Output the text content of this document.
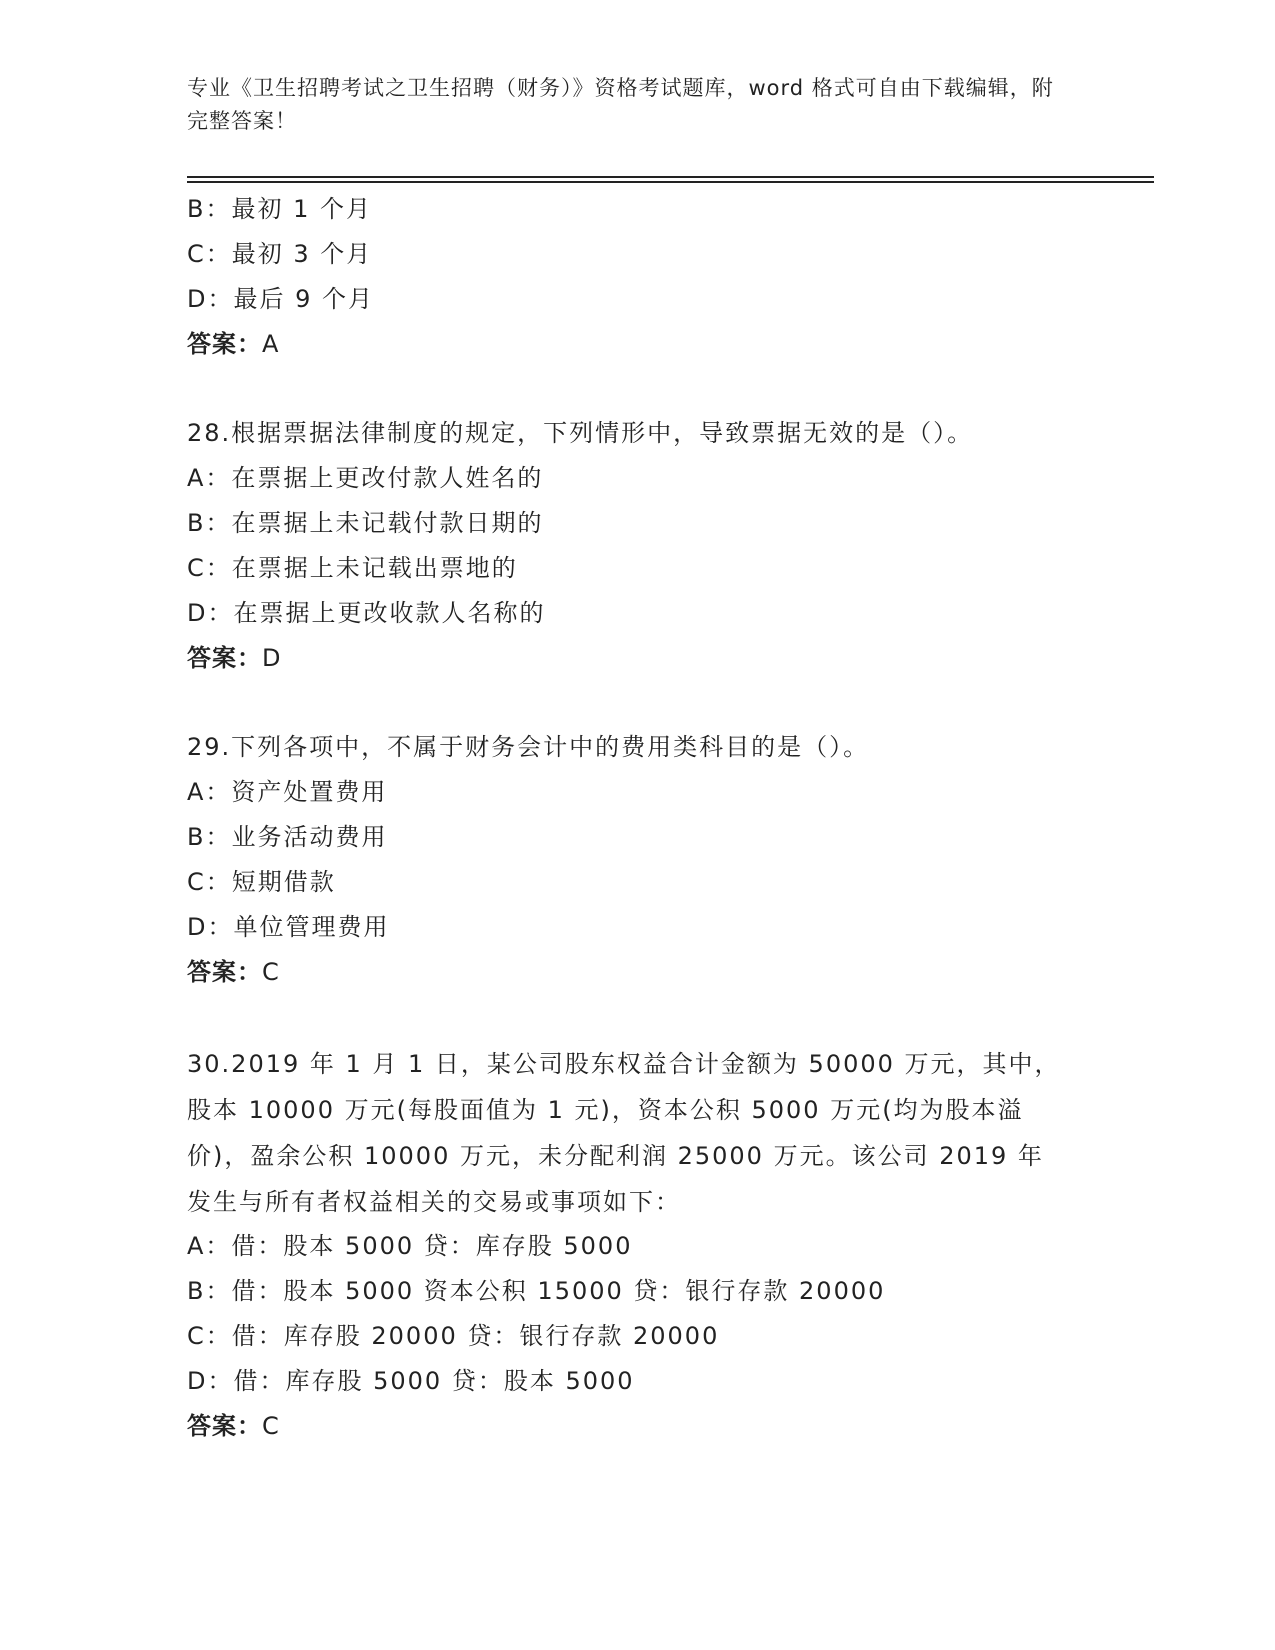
专业《卫生招聘考试之卫生招聘（财务）》资格考试题库，word 格式可自由下载编辑，附完整答案！
B：最初 1 个月
C：最初 3 个月
D：最后 9 个月
答案：A
28.根据票据法律制度的规定，下列情形中，导致票据无效的是（）。
A：在票据上更改付款人姓名的
B：在票据上未记载付款日期的
C：在票据上未记载出票地的
D：在票据上更改收款人名称的
答案：D
29.下列各项中，不属于财务会计中的费用类科目的是（）。
A：资产处置费用
B：业务活动费用
C：短期借款
D：单位管理费用
答案：C
30.2019 年 1 月 1 日，某公司股东权益合计金额为 50000 万元，其中，股本 10000 万元(每股面值为 1 元)，资本公积 5000 万元(均为股本溢价)，盈余公积 10000 万元，未分配利润 25000 万元。该公司 2019 年发生与所有者权益相关的交易或事项如下：
A：借：股本 5000 贷：库存股 5000
B：借：股本 5000 资本公积 15000 贷：银行存款 20000
C：借：库存股 20000 贷：银行存款 20000
D：借：库存股 5000 贷：股本 5000
答案：C
